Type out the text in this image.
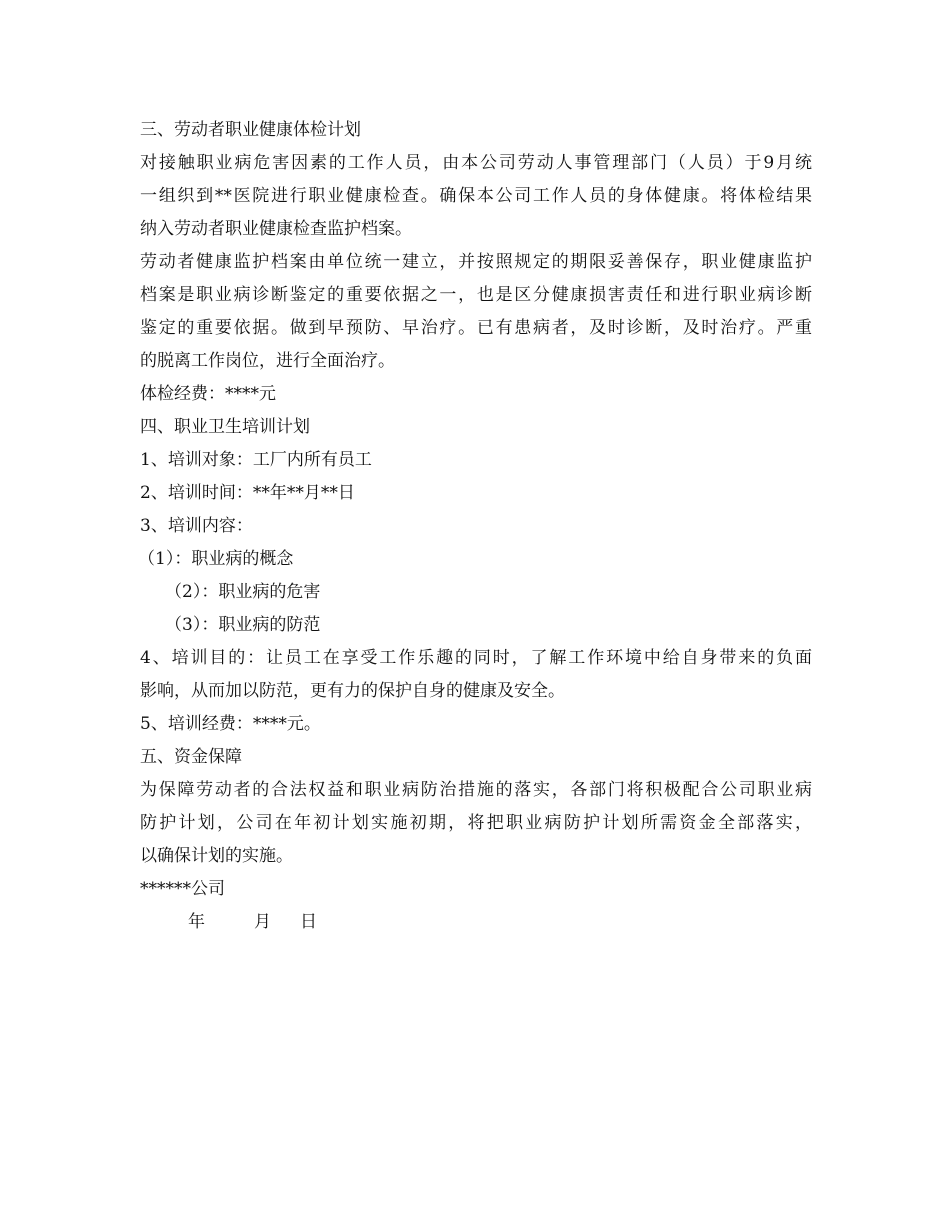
三、劳动者职业健康体检计划
对接触职业病危害因素的工作人员，由本公司劳动人事管理部门（人员）于9月统
一组织到**医院进行职业健康检查。确保本公司工作人员的身体健康。将体检结果
纳入劳动者职业健康检查监护档案。
劳动者健康监护档案由单位统一建立，并按照规定的期限妥善保存，职业健康监护
档案是职业病诊断鉴定的重要依据之一，也是区分健康损害责任和进行职业病诊断
鉴定的重要依据。做到早预防、早治疗。已有患病者，及时诊断，及时治疗。严重
的脱离工作岗位，进行全面治疗。
体检经费：****元
四、职业卫生培训计划
1、培训对象：工厂内所有员工
2、培训时间：**年**月**日
3、培训内容：
（1）：职业病的概念
（2）：职业病的危害
（3）：职业病的防范
4、培训目的：让员工在享受工作乐趣的同时，了解工作环境中给自身带来的负面
影响，从而加以防范，更有力的保护自身的健康及安全。
5、培训经费：****元。
五、资金保障
为保障劳动者的合法权益和职业病防治措施的落实，各部门将积极配合公司职业病
防护计划，公司在年初计划实施初期，将把职业病防护计划所需资金全部落实，
以确保计划的实施。
******公司
年	月 日
